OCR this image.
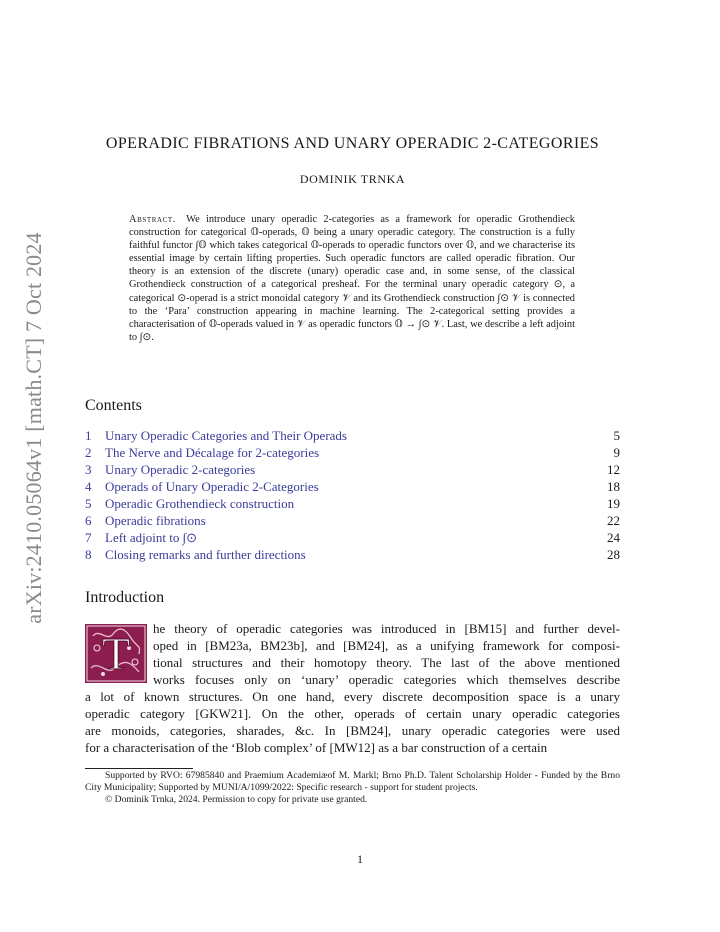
arXiv:2410.05064v1 [math.CT] 7 Oct 2024
OPERADIC FIBRATIONS AND UNARY OPERADIC 2-CATEGORIES
DOMINIK TRNKA
Abstract. We introduce unary operadic 2-categories as a framework for operadic Grothendieck construction for categorical 𝕆-operads, 𝕆 being a unary operadic category. The construction is a fully faithful functor ∫𝕆 which takes categorical 𝕆-operads to operadic functors over 𝕆, and we characterise its essential image by certain lifting properties. Such operadic functors are called operadic fibration. Our theory is an extension of the discrete (unary) operadic case and, in some sense, of the classical Grothendieck construction of a categorical presheaf. For the terminal unary operadic category ⊙, a categorical ⊙-operad is a strict monoidal category 𝒱 and its Grothendieck construction ∫⊙ 𝒱 is connected to the ‘Para’ construction appearing in machine learning. The 2-categorical setting provides a characterisation of 𝕆-operads valued in 𝒱 as operadic functors 𝕆 → ∫⊙ 𝒱. Last, we describe a left adjoint to ∫⊙.
Contents
1	Unary Operadic Categories and Their Operads	5
2	The Nerve and Décalage for 2-categories	9
3	Unary Operadic 2-categories	12
4	Operads of Unary Operadic 2-Categories	18
5	Operadic Grothendieck construction	19
6	Operadic fibrations	22
7	Left adjoint to ∫⊙	24
8	Closing remarks and further directions	28
Introduction
T he theory of operadic categories was introduced in [BM15] and further devel-
oped in [BM23a, BM23b], and [BM24], as a unifying framework for composi-
tional structures and their homotopy theory. The last of the above mentioned
works focuses only on ‘unary’ operadic categories which themselves describe
a lot of known structures. On one hand, every discrete decomposition space is a unary
operadic category [GKW21]. On the other, operads of certain unary operadic categories
are monoids, categories, sharades, &c. In [BM24], unary operadic categories were used
for a characterisation of the ‘Blob complex’ of [MW12] as a bar construction of a certain

Supported by RVO: 67985840 and Praemium Academiæof M. Markl; Brno Ph.D. Talent Scholarship Holder - Funded by the Brno City Municipality; Supported by MUNI/A/1099/2022: Specific research - support for student projects.

© Dominik Trnka, 2024. Permission to copy for private use granted.

1
